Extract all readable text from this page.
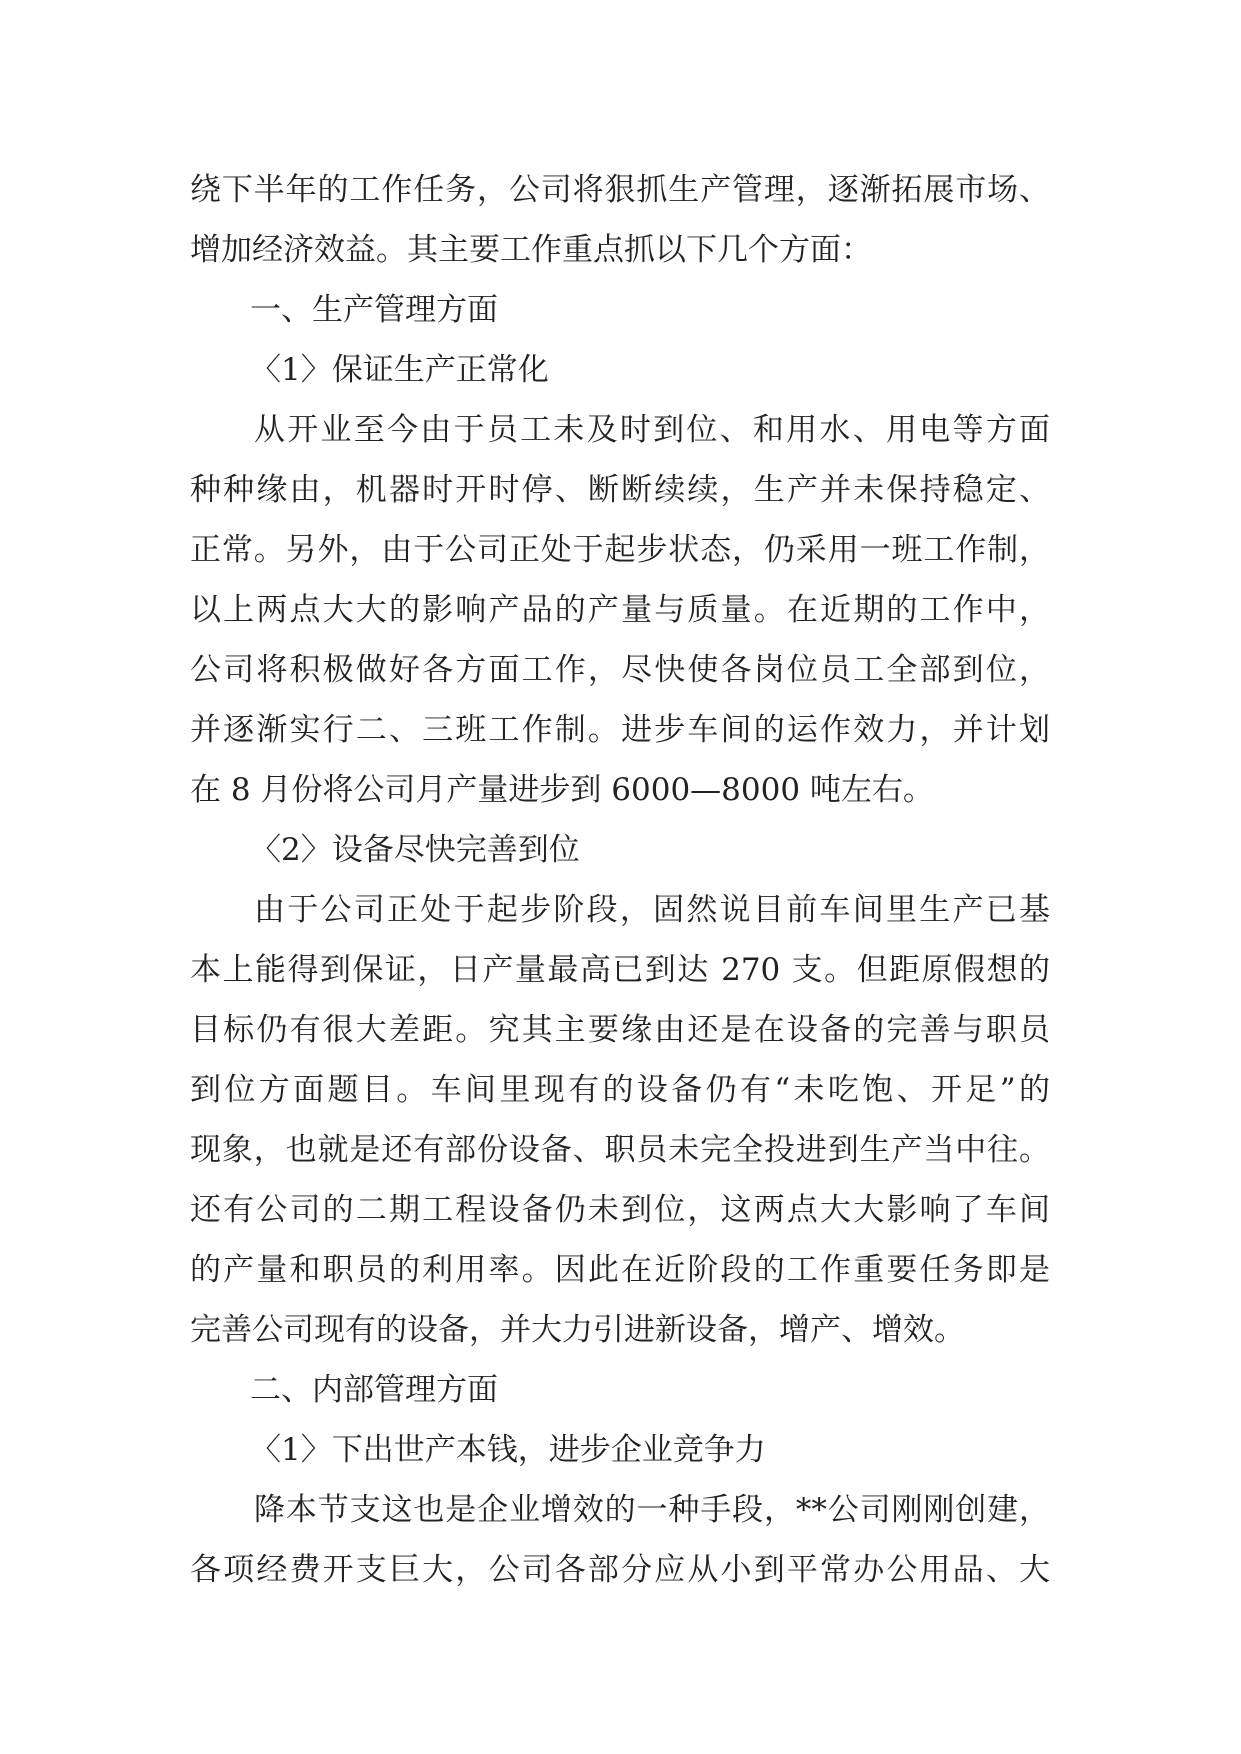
绕下半年的工作任务，公司将狠抓生产管理，逐渐拓展市场、
增加经济效益。其主要工作重点抓以下几个方面：
一、生产管理方面
〈1〉保证生产正常化
从开业至今由于员工未及时到位、和用水、用电等方面
种种缘由，机器时开时停、断断续续，生产并未保持稳定、
正常。另外，由于公司正处于起步状态，仍采用一班工作制，
以上两点大大的影响产品的产量与质量。在近期的工作中，
公司将积极做好各方面工作，尽快使各岗位员工全部到位，
并逐渐实行二、三班工作制。进步车间的运作效力，并计划
在 8 月份将公司月产量进步到 6000—8000 吨左右。
〈2〉设备尽快完善到位
由于公司正处于起步阶段，固然说目前车间里生产已基
本上能得到保证，日产量最高已到达 270 支。但距原假想的
目标仍有很大差距。究其主要缘由还是在设备的完善与职员
到位方面题目。车间里现有的设备仍有“未吃饱、开足”的
现象，也就是还有部份设备、职员未完全投进到生产当中往。
还有公司的二期工程设备仍未到位，这两点大大影响了车间
的产量和职员的利用率。因此在近阶段的工作重要任务即是
完善公司现有的设备，并大力引进新设备，增产、增效。
二、内部管理方面
〈1〉下出世产本钱，进步企业竞争力
降本节支这也是企业增效的一种手段，**公司刚刚创建，
各项经费开支巨大，公司各部分应从小到平常办公用品、大
